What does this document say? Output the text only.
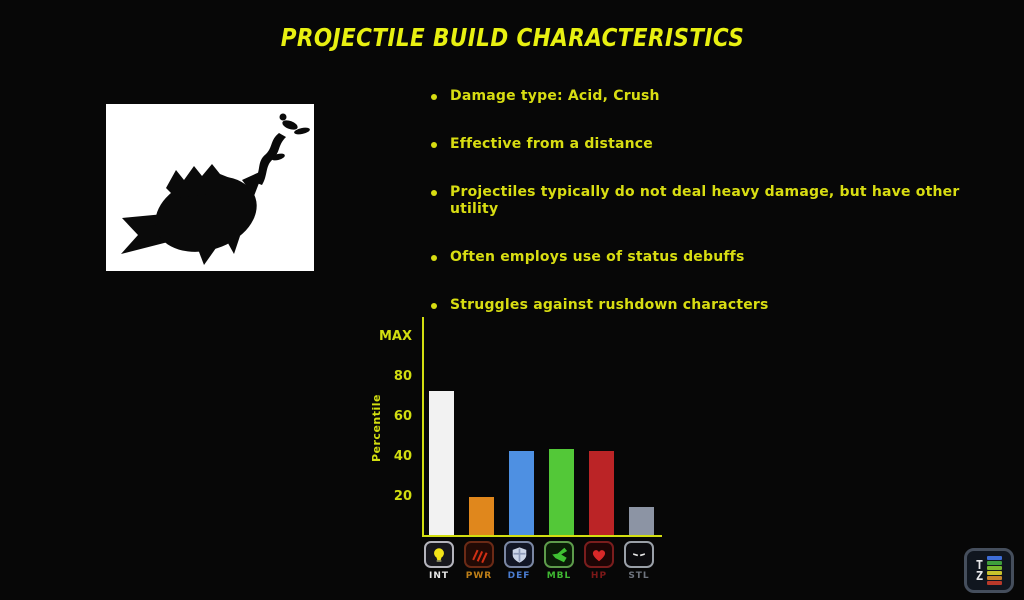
PROJECTILE BUILD CHARACTERISTICS
Damage type: Acid, Crush
Effective from a distance
Projectiles typically do not deal heavy damage, but have other utility
Often employs use of status debuffs
Struggles against rushdown characters
Percentile
MAX
80
60
40
20
INT PWR DEF MBL HP STL
T
Z
